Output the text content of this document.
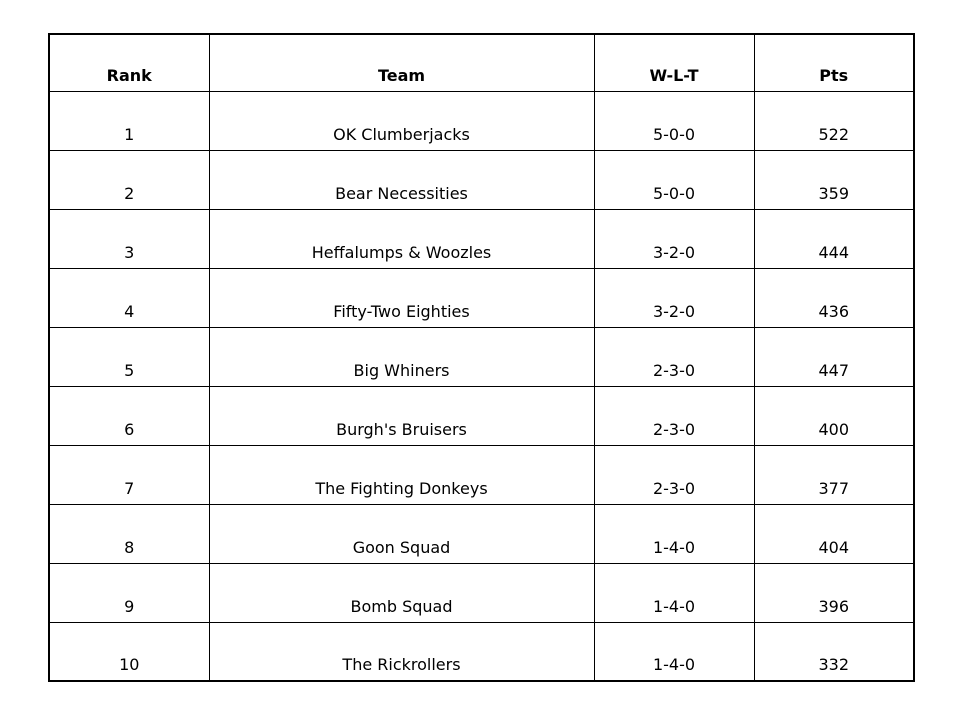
Rank	Team	W-L-T	Pts
1	OK Clumberjacks	5-0-0	522
2	Bear Necessities	5-0-0	359
3	Heffalumps & Woozles	3-2-0	444
4	Fifty-Two Eighties	3-2-0	436
5	Big Whiners	2-3-0	447
6	Burgh's Bruisers	2-3-0	400
7	The Fighting Donkeys	2-3-0	377
8	Goon Squad	1-4-0	404
9	Bomb Squad	1-4-0	396
10	The Rickrollers	1-4-0	332
